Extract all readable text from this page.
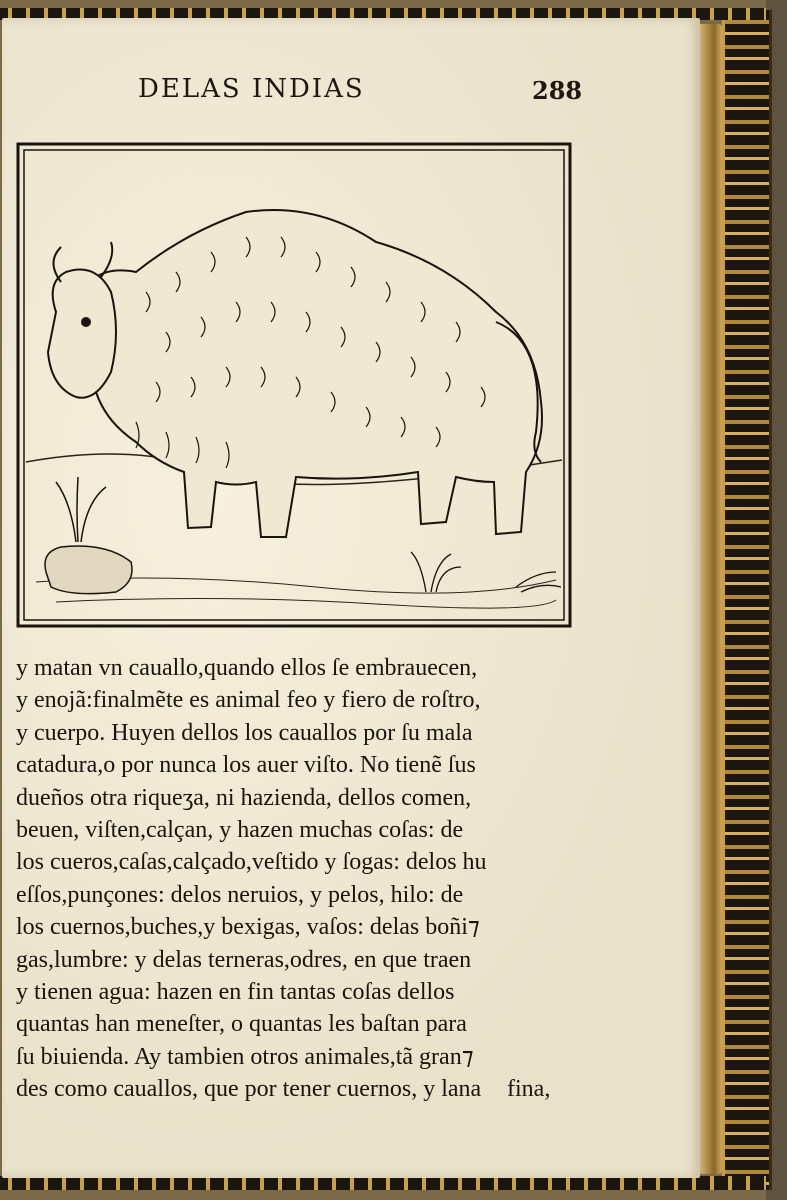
DELAS INDIAS	288
y matan vn cauallo,quando ellos ſe embrauecen,
y enojã:finalmẽte es animal feo y fiero de roſtro,
y cuerpo. Huyen dellos los cauallos por ſu mala
catadura,o por nunca los auer viſto. No tienẽ ſus
dueños otra riqueʒa, ni hazienda, dellos comen,
beuen, viſten,calçan, y hazen muchas coſas: de
los cueros,caſas,calçado,veſtido y ſogas: delos hu
eſſos,punçones: delos neruios, y pelos, hilo: de
los cuernos,buches,y bexigas, vaſos: delas boñi⁊
gas,lumbre: y delas terneras,odres, en que traen
y tienen agua: hazen en fin tantas coſas dellos
quantas han meneſter, o quantas les baſtan para
ſu biuienda. Ay tambien otros animales,tã gran⁊
des como cauallos, que por tener cuernos, y lana	fina,
